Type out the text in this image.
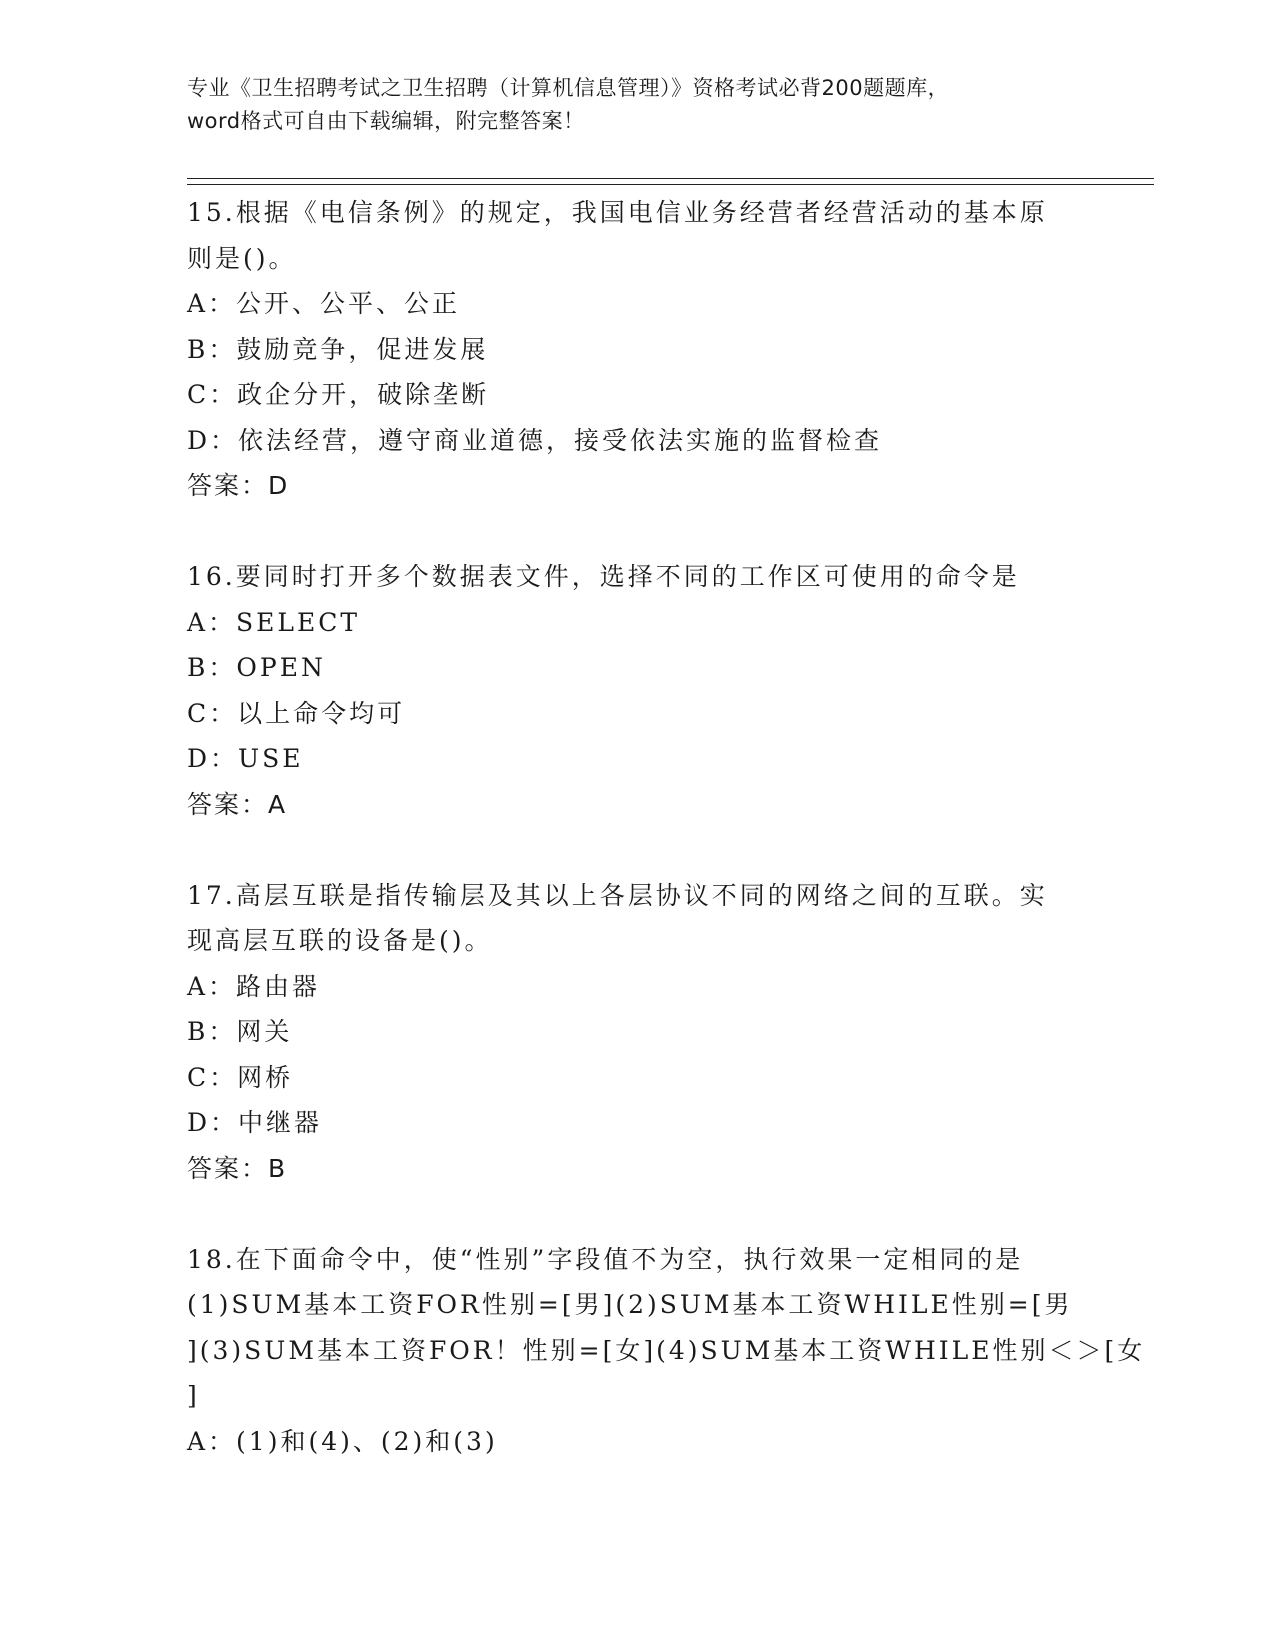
专业《卫生招聘考试之卫生招聘（计算机信息管理）》资格考试必背200题题库，
word格式可自由下载编辑，附完整答案！
15.根据《电信条例》的规定，我国电信业务经营者经营活动的基本原
则是()。
A：公开、公平、公正
B：鼓励竞争，促进发展
C：政企分开，破除垄断
D：依法经营，遵守商业道德，接受依法实施的监督检查
答案：D
16.要同时打开多个数据表文件，选择不同的工作区可使用的命令是
A：SELECT
B：OPEN
C：以上命令均可
D：USE
答案：A
17.高层互联是指传输层及其以上各层协议不同的网络之间的互联。实
现高层互联的设备是()。
A：路由器
B：网关
C：网桥
D：中继器
答案：B
18.在下面命令中，使“性别”字段值不为空，执行效果一定相同的是
(1)SUM基本工资FOR性别=[男](2)SUM基本工资WHILE性别=[男
](3)SUM基本工资FOR！性别=[女](4)SUM基本工资WHILE性别＜＞[女
]
A：(1)和(4)、(2)和(3)
